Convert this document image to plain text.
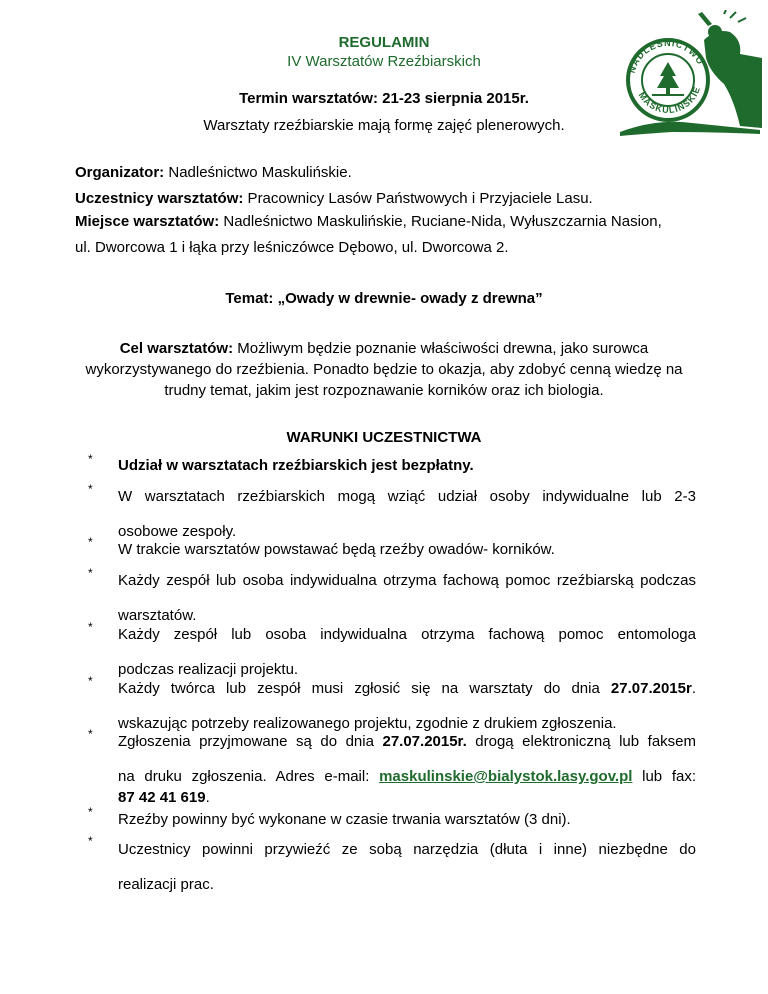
NADLEŚNICTWO
MASKULIŃSKIE
REGULAMIN
IV Warsztatów Rzeźbiarskich
Termin warsztatów: 21-23 sierpnia 2015r.
Warsztaty rzeźbiarskie mają formę zajęć plenerowych.
Organizator: Nadleśnictwo Maskulińskie.
Uczestnicy warsztatów: Pracownicy Lasów Państwowych i Przyjaciele Lasu.
Miejsce warsztatów: Nadleśnictwo Maskulińskie, Ruciane-Nida, Wyłuszczarnia Nasion,
ul. Dworcowa 1 i łąka przy leśniczówce Dębowo, ul. Dworcowa 2.
Temat: „Owady w drewnie- owady z drewna”
Cel warsztatów: Możliwym będzie poznanie właściwości drewna, jako surowca
wykorzystywanego do rzeźbienia. Ponadto będzie to okazja, aby zdobyć cenną wiedzę na
trudny temat, jakim jest rozpoznawanie korników oraz ich biologia.
WARUNKI UCZESTNICTWA
*
*
*
*
*
*
*
*
*
Udział w warsztatach rzeźbiarskich jest bezpłatny.
W warsztatach rzeźbiarskich mogą wziąć udział osoby indywidualne lub 2-3
osobowe zespoły.
W trakcie warsztatów powstawać będą rzeźby owadów- korników.
Każdy zespół lub osoba indywidualna otrzyma fachową pomoc rzeźbiarską podczas
warsztatów.
Każdy zespół lub osoba indywidualna otrzyma fachową pomoc entomologa
podczas realizacji projektu.
Każdy twórca lub zespół musi zgłosić się na warsztaty do dnia 27.07.2015r.
wskazując potrzeby realizowanego projektu, zgodnie z drukiem zgłoszenia.
Zgłoszenia przyjmowane są do dnia 27.07.2015r. drogą elektroniczną lub faksem
na druku zgłoszenia. Adres e-mail: maskulinskie@bialystok.lasy.gov.pl lub fax:
87 42 41 619.
Rzeźby powinny być wykonane w czasie trwania warsztatów (3 dni).
Uczestnicy powinni przywieźć ze sobą narzędzia (dłuta i inne) niezbędne do
realizacji prac.
